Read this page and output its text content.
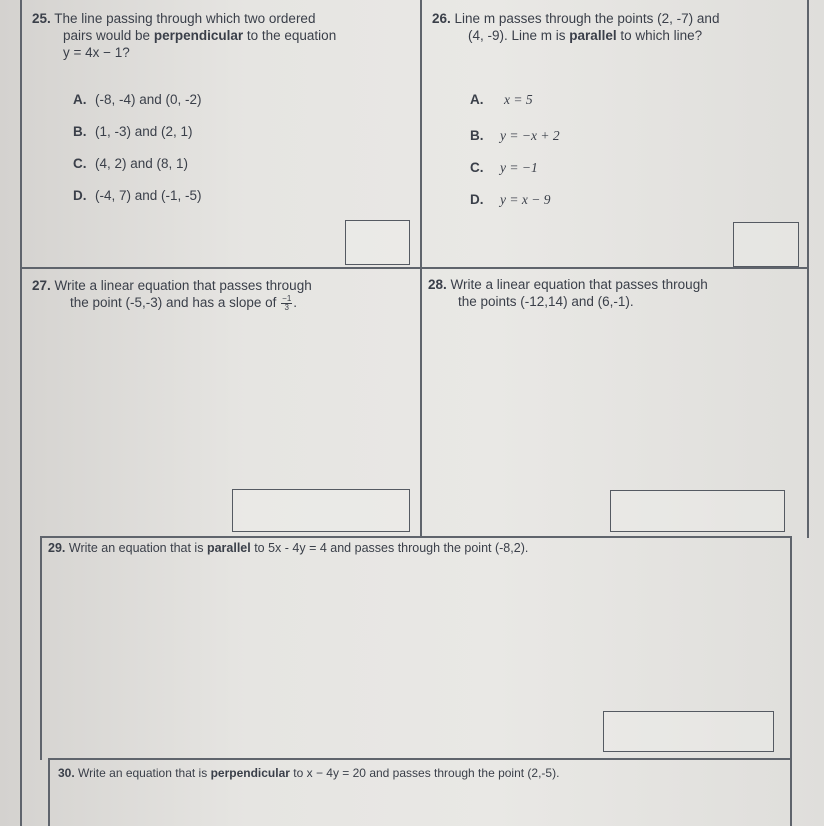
25. The line passing through which two ordered
pairs would be perpendicular to the equation
y = 4x − 1?
A. (-8, -4) and (0, -2)
B. (1, -3) and (2, 1)
C. (4, 2) and (8, 1)
D. (-4, 7) and (-1, -5)
26. Line m passes through the points (2, -7) and
(4, -9). Line m is parallel to which line?
A. x = 5
B. y = −x + 2
C. y = −1
D. y = x − 9
27. Write a linear equation that passes through
the point (-5,-3) and has a slope of $\frac{-1}{3}$ .
28. Write a linear equation that passes through
the points (-12,14) and (6,-1).
29. Write an equation that is parallel to 5x - 4y = 4 and passes through the point (-8,2).
30. Write an equation that is perpendicular to x − 4y = 20 and passes through the point (2,-5).
